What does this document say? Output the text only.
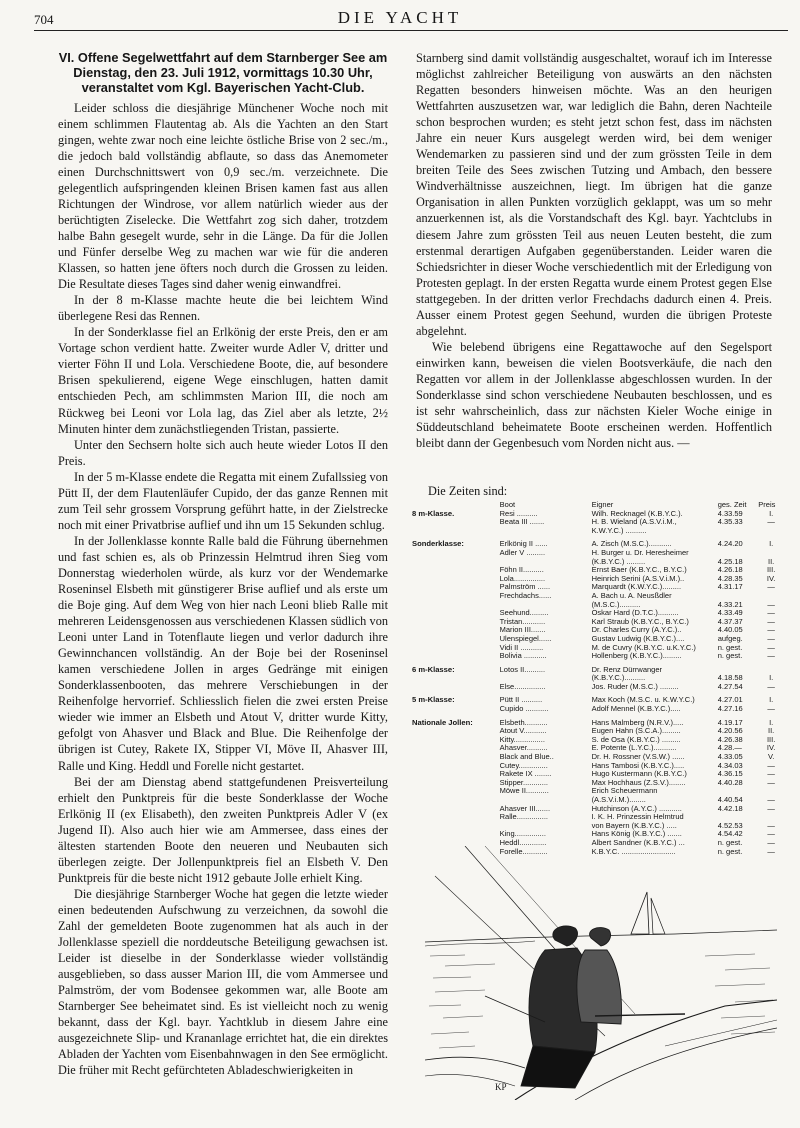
704	DIE YACHT
VI. Offene Segelwettfahrt auf dem Starnberger See am Dienstag, den 23. Juli 1912, vormittags 10.30 Uhr, veranstaltet vom Kgl. Bayerischen Yacht-Club.

Leider schloss die diesjährige Münchener Woche noch mit einem schlimmen Flautentag ab. Als die Yachten an den Start gingen, wehte zwar noch eine leichte östliche Brise von 2 sec./m., die jedoch bald vollständig abflaute, so dass das Anemometer einen Durchschnittswert von 0,9 sec./m. verzeichnete. Die gelegentlich aufspringenden kleinen Brisen kamen fast aus allen Richtungen der Windrose, vor allem natürlich wieder aus der berüchtigten Ziselecke. Die Wettfahrt zog sich daher, trotzdem halbe Bahn gesegelt wurde, sehr in die Länge. Da für die Jollen und Fünfer derselbe Weg zu machen war wie für die anderen Klassen, so hatten jene öfters noch durch die Grossen zu leiden. Die Resultate dieses Tages sind daher wenig einwandfrei.

In der 8 m-Klasse machte heute die bei leichtem Wind überlegene Resi das Rennen.

In der Sonderklasse fiel an Erlkönig der erste Preis, den er am Vortage schon verdient hatte. Zweiter wurde Adler V, dritter und vierter Föhn II und Lola. Verschiedene Boote, die, auf besondere Brisen spekulierend, eigene Wege einschlugen, hatten damit entschieden Pech, am schlimmsten Marion III, die noch am Rückweg bei Leoni vor Lola lag, das Ziel aber als letzte, 2½ Minuten hinter dem zunächstliegenden Tristan, passierte.

Unter den Sechsern holte sich auch heute wieder Lotos II den Preis.

In der 5 m-Klasse endete die Regatta mit einem Zufallssieg von Pütt II, der dem Flautenläufer Cupido, der das ganze Rennen mit zum Teil sehr grossem Vorsprung geführt hatte, in der Zielstrecke noch mit einer Privatbrise auflief und ihn um 15 Sekunden schlug.

In der Jollenklasse konnte Ralle bald die Führung übernehmen und fast schien es, als ob Prinzessin Helmtrud ihren Sieg vom Donnerstag wiederholen würde, als kurz vor der Wendemarke Roseninsel Elsbeth mit günstigerer Brise auflief und als erste um die Boje ging. Auf dem Weg von hier nach Leoni blieb Ralle mit mehreren Leidensgenossen aus verschiedenen Klassen südlich von Leoni unter Land in Totenflaute liegen und verlor dadurch ihre Gewinnchancen vollständig. An der Boje bei der Roseninsel kamen verschiedene Jollen in arges Gedränge mit einigen Sonderklassenbooten, das mehrere Verschiebungen in der Reihenfolge hervorrief. Schliesslich fielen die zwei ersten Preise wieder wie immer an Elsbeth und Atout V, dritter wurde Kitty, gefolgt von Ahasver und Black and Blue. Die Reihenfolge der übrigen ist Cutey, Rakete IX, Stipper VI, Möve II, Ahasver III, Ralle und King. Heddl und Forelle nicht gestartet.

Bei der am Dienstag abend stattgefundenen Preisverteilung erhielt den Punktpreis für die beste Sonderklasse der Woche Erlkönig II (ex Elisabeth), den zweiten Punktpreis Adler V (ex Jugend II). Also auch hier wie am Ammersee, dass eines der ältesten startenden Boote den neueren und Neubauten sich überlegen zeigte. Der Jollenpunktpreis fiel an Elsbeth V. Den Punktpreis für die beste nicht 1912 gebaute Jolle erhielt King.

Die diesjährige Starnberger Woche hat gegen die letzte wieder einen bedeutenden Aufschwung zu verzeichnen, da sowohl die Zahl der gemeldeten Boote zugenommen hat als auch in der Jollenklasse speziell die norddeutsche Beteiligung gewachsen ist. Leider ist dieselbe in der Sonderklasse wieder vollständig ausgeblieben, so dass ausser Marion III, die vom Ammersee und Palmström, der vom Bodensee gekommen war, alle Boote am Starnberger See beheimatet sind. Es ist vielleicht noch zu wenig bekannt, dass der Kgl. bayr. Yachtklub in diesem Jahre eine ausgezeichnete Slip- und Krananlage errichtet hat, die ein direktes Abladen der Yachten vom Eisenbahnwagen in den See ermöglicht. Die früher mit Recht gefürchteten Abladeschwierigkeiten in

Starnberg sind damit vollständig ausgeschaltet, worauf ich im Interesse möglichst zahlreicher Beteiligung von auswärts an den nächsten Regatten besonders hinweisen möchte. Was an den heurigen Wettfahrten auszusetzen war, war lediglich die Bahn, deren Nachteile schon besprochen wurden; es steht jetzt schon fest, dass im nächsten Jahre ein neuer Kurs ausgelegt werden wird, bei dem weniger Wendemarken zu passieren sind und der zum grössten Teile in dem breiten Teile des Sees zwischen Tutzing und Ambach, den bessere Windverhältnisse auszeichnen, liegt. Im übrigen hat die ganze Organisation in allen Punkten vorzüglich geklappt, was um so mehr anzuerkennen ist, als die Vorstandschaft des Kgl. bayr. Yachtclubs in diesem Jahre zum grössten Teil aus neuen Leuten besteht, die zum erstenmal derartigen Aufgaben gegenüberstanden. Leider waren die Schiedsrichter in dieser Woche verschiedentlich mit der Erledigung von Protesten geplagt. In der ersten Regatta wurde einem Protest gegen Else stattgegeben. In der dritten verlor Frechdachs dadurch einen 4. Preis. Ausser einem Protest gegen Seehund, wurden die übrigen Proteste abgelehnt.

Wie belebend übrigens eine Regattawoche auf den Segelsport einwirken kann, beweisen die vielen Bootsverkäufe, die nach den Regatten vor allem in der Jollenklasse abgeschlossen wurden. In der Sonderklasse sind schon verschiedene Neubauten beschlossen, und es ist sehr wahrscheinlich, dass zur nächsten Kieler Woche einige in Süddeutschland beheimatete Boote erscheinen werden. Hoffentlich bleibt dann der Gegenbesuch vom Norden nicht aus. —

Die Zeiten sind:
	Boot	Eigner	ges. Zeit	Preis
8 m-Klasse.	Resi ..........	Wilh. Recknagel (K.B.Y.C.).	4.33.59	I.
	Beata III .......	H. B. Wieland (A.S.V.i.M.,	4.35.33	—
		K.W.Y.C.) ..........		
Sonderklasse:	Erlkönig II ......	A. Zisch (M.S.C.)...........	4.24.20	I.
	Adler V .........	H. Burger u. Dr. Heresheimer		
		(K.B.Y.C.) .........	4.25.18	II.
	Föhn II..........	Ernst Baer (K.B.Y.C., B.Y.C.)	4.26.18	III.
	Lola...............	Heinrich Serini (A.S.V.i.M.)..	4.28.35	IV.
	Palmström ......	Marquardt (K.W.Y.C.).........	4.31.17	—
	Frechdachs......	A. Bach u. A. Neusßdler		
		(M.S.C.)..........	4.33.21	—
	Seehund.........	Oskar Hard (D.T.C.)..........	4.33.49	—
	Tristan...........	Karl Straub (K.B.Y.C., B.Y.C.)	4.37.37	—
	Marion III.......	Dr. Charles Curry (A.Y.C.)..	4.40.05	—
	Ulenspiegel......	Gustav Ludwig (K.B.Y.C.)....	aufgeg.	—
	Vidi II ...........	M. de Cuvry (K.B.Y.C. u.K.Y.C.)	n. gest.	—
	Bolivia ...........	Hollenberg (K.B.Y.C.).........	n. gest.	—
6 m-Klasse:	Lotos II..........	Dr. Renz Dürrwanger		
		(K.B.Y.C.)..........	4.18.58	I.
	Else...............	Jos. Ruder (M.S.C.) .........	4.27.54	—
5 m-Klasse:	Pütt II ..........	Max Koch (M.S.C. u. K.W.Y.C.)	4.27.01	I.
	Cupido ...........	Adolf Mennel (K.B.Y.C.).....	4.27.16	—
Nationale Jollen:	Elsbeth...........	Hans Malmberg (N.R.V.).....	4.19.17	I.
	Atout V...........	Eugen Hahn (S.C.A.).........	4.20.56	II.
	Kitty...............	S. de Osa (K.B.Y.C.) .........	4.26.38	III.
	Ahasver..........	E. Potente (L.Y.C.)...........	4.28.—	IV.
	Black and Blue..	Dr. H. Rossner (V.S.W.) ......	4.33.05	V.
	Cutey..............	Hans Tambosi (K.B.Y.C.).....	4.34.03	—
	Rakete IX ........	Hugo Kustermann (K.B.Y.C.)	4.36.15	—
	Stipper............	Max Hochhaus (Z.S.V.)........	4.40.28	—
	Möwe II...........	Erich Scheuermann		
		(A.S.V.i.M.)........	4.40.54	—
	Ahasver III.......	Hutchinson (A.Y.C.) ...........	4.42.18	—
	Ralle...............	I. K. H. Prinzessin Helmtrud		
		von Bayern (K.B.Y.C.) .....	4.52.53	—
	King...............	Hans König (K.B.Y.C.) .......	4.54.42	—
	Heddl.............	Albert Sandner (K.B.Y.C.) ...	n. gest.	—
	Forelle............	K.B.Y.C. ..........................	n. gest.	—
KP
